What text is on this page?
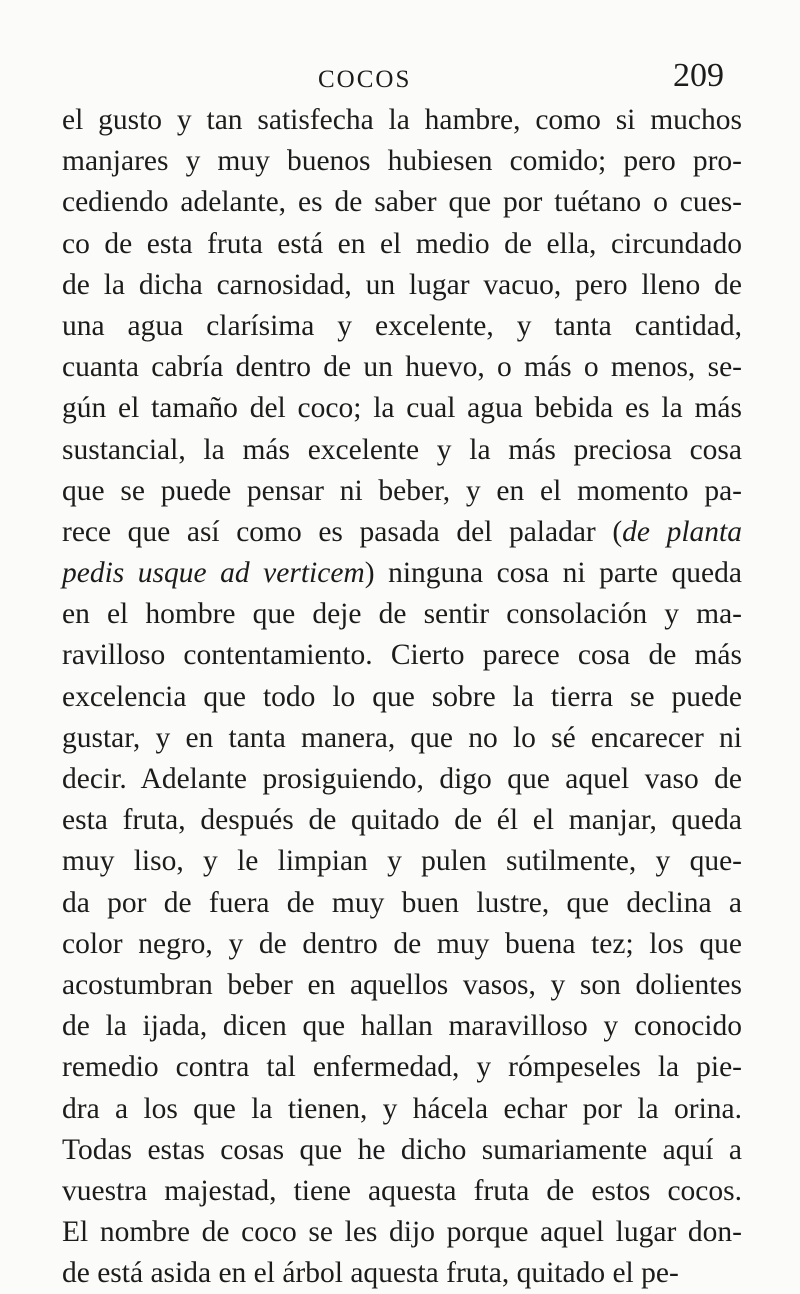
COCOS	209
el gusto y tan satisfecha la hambre, como si muchos
manjares y muy buenos hubiesen comido; pero pro-
cediendo adelante, es de saber que por tuétano o cues-
co de esta fruta está en el medio de ella, circundado
de la dicha carnosidad, un lugar vacuo, pero lleno de
una agua clarísima y excelente, y tanta cantidad,
cuanta cabría dentro de un huevo, o más o menos, se-
gún el tamaño del coco; la cual agua bebida es la más
sustancial, la más excelente y la más preciosa cosa
que se puede pensar ni beber, y en el momento pa-
rece que así como es pasada del paladar (de planta
pedis usque ad verticem) ninguna cosa ni parte queda
en el hombre que deje de sentir consolación y ma-
ravilloso contentamiento. Cierto parece cosa de más
excelencia que todo lo que sobre la tierra se puede
gustar, y en tanta manera, que no lo sé encarecer ni
decir. Adelante prosiguiendo, digo que aquel vaso de
esta fruta, después de quitado de él el manjar, queda
muy liso, y le limpian y pulen sutilmente, y que-
da por de fuera de muy buen lustre, que declina a
color negro, y de dentro de muy buena tez; los que
acostumbran beber en aquellos vasos, y son dolientes
de la ijada, dicen que hallan maravilloso y conocido
remedio contra tal enfermedad, y rómpeseles la pie-
dra a los que la tienen, y hácela echar por la orina.
Todas estas cosas que he dicho sumariamente aquí a
vuestra majestad, tiene aquesta fruta de estos cocos.
El nombre de coco se les dijo porque aquel lugar don-
de está asida en el árbol aquesta fruta, quitado el pe-
